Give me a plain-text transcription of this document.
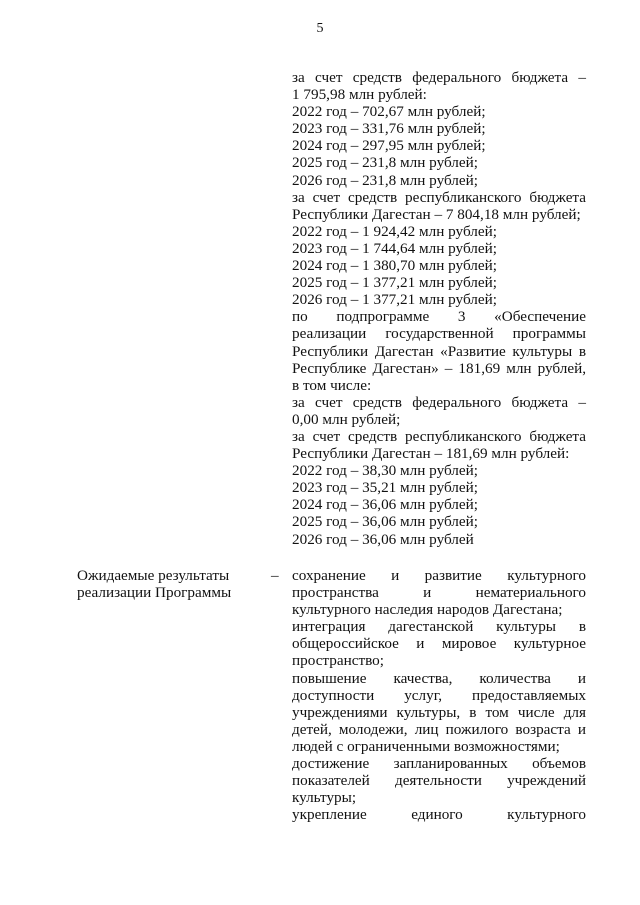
5
за счет средств федерального бюджета –
1 795,98 млн рублей:
2022 год – 702,67 млн рублей;
2023 год – 331,76 млн рублей;
2024 год – 297,95 млн рублей;
2025 год – 231,8 млн рублей;
2026 год – 231,8 млн рублей;
за счет средств республиканского бюджета
Республики Дагестан – 7 804,18 млн рублей;
2022 год – 1 924,42 млн рублей;
2023 год – 1 744,64 млн рублей;
2024 год – 1 380,70 млн рублей;
2025 год – 1 377,21 млн рублей;
2026 год – 1 377,21 млн рублей;
по подпрограмме 3 «Обеспечение
реализации государственной программы
Республики Дагестан «Развитие культуры в
Республике Дагестан» – 181,69 млн рублей,
в том числе:
за счет средств федерального бюджета –
0,00 млн рублей;
за счет средств республиканского бюджета
Республики Дагестан – 181,69 млн рублей:
2022 год – 38,30 млн рублей;
2023 год – 35,21 млн рублей;
2024 год – 36,06 млн рублей;
2025 год – 36,06 млн рублей;
2026 год – 36,06 млн рублей
Ожидаемые результаты
реализации Программы
– сохранение и развитие культурного
пространства и нематериального
культурного наследия народов Дагестана;
интеграция дагестанской культуры в
общероссийское и мировое культурное
пространство;
повышение качества, количества и
доступности услуг, предоставляемых
учреждениями культуры, в том числе для
детей, молодежи, лиц пожилого возраста и
людей с ограниченными возможностями;
достижение запланированных объемов
показателей деятельности учреждений
культуры;
укрепление единого культурного
